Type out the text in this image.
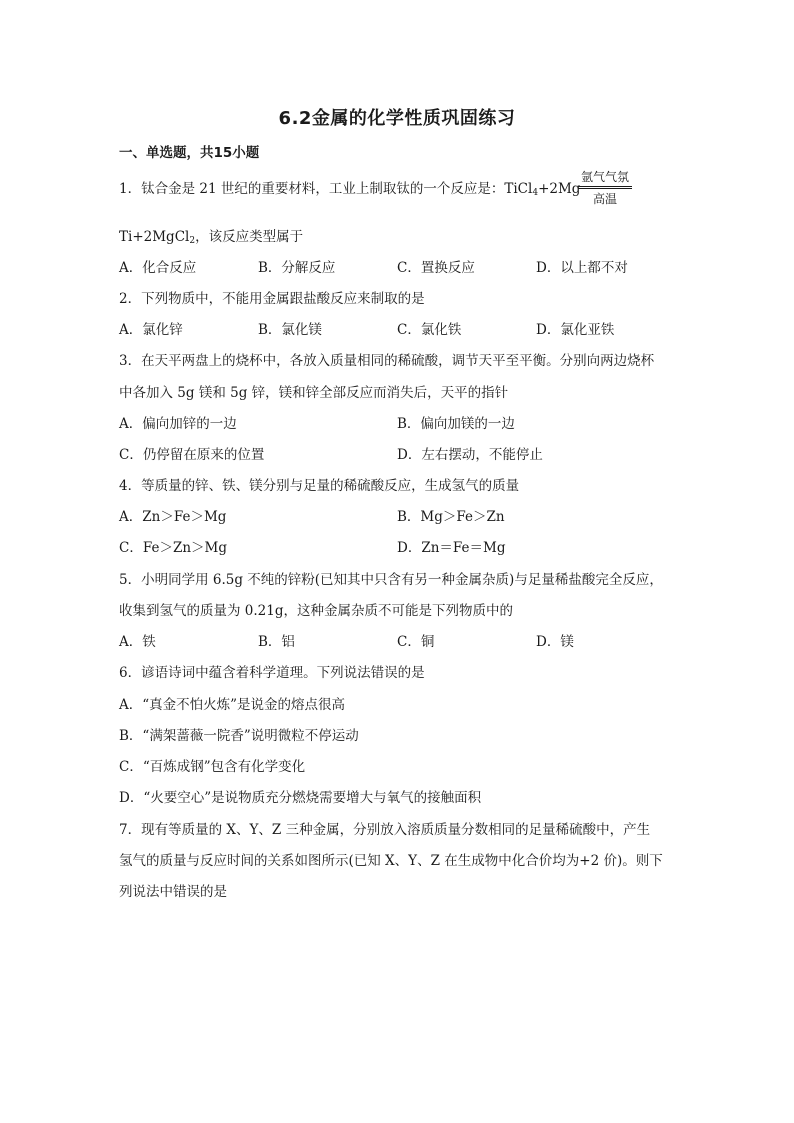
6.2金属的化学性质巩固练习
一、单选题，共15小题
1．钛合金是 21 世纪的重要材料，工业上制取钛的一个反应是：TiCl$_4$+2Mg
氩气气氛
高温
Ti+2MgCl$_2$，该反应类型属于
A．化合反应	B．分解反应	C．置换反应	D．以上都不对
2．下列物质中，不能用金属跟盐酸反应来制取的是
A．氯化锌	B．氯化镁	C．氯化铁	D．氯化亚铁
3．在天平两盘上的烧杯中，各放入质量相同的稀硫酸，调节天平至平衡。分别向两边烧杯
中各加入 5g 镁和 5g 锌，镁和锌全部反应而消失后，天平的指针
A．偏向加锌的一边	B．偏向加镁的一边
C．仍停留在原来的位置	D．左右摆动，不能停止
4．等质量的锌、铁、镁分别与足量的稀硫酸反应，生成氢气的质量
A．Zn＞Fe＞Mg	B．Mg＞Fe＞Zn
C．Fe＞Zn＞Mg	D．Zn＝Fe＝Mg
5．小明同学用 6.5g 不纯的锌粉(已知其中只含有另一种金属杂质)与足量稀盐酸完全反应，
收集到氢气的质量为 0.21g，这种金属杂质不可能是下列物质中的
A．铁	B．铝	C．铜	D．镁
6．谚语诗词中蕴含着科学道理。下列说法错误的是
A．“真金不怕火炼”是说金的熔点很高
B．“满架蔷薇一院香”说明微粒不停运动
C．“百炼成钢”包含有化学变化
D．“火要空心”是说物质充分燃烧需要增大与氧气的接触面积
7．现有等质量的 X、Y、Z 三种金属，分别放入溶质质量分数相同的足量稀硫酸中，产生
氢气的质量与反应时间的关系如图所示(已知 X、Y、Z 在生成物中化合价均为+2 价)。则下
列说法中错误的是
